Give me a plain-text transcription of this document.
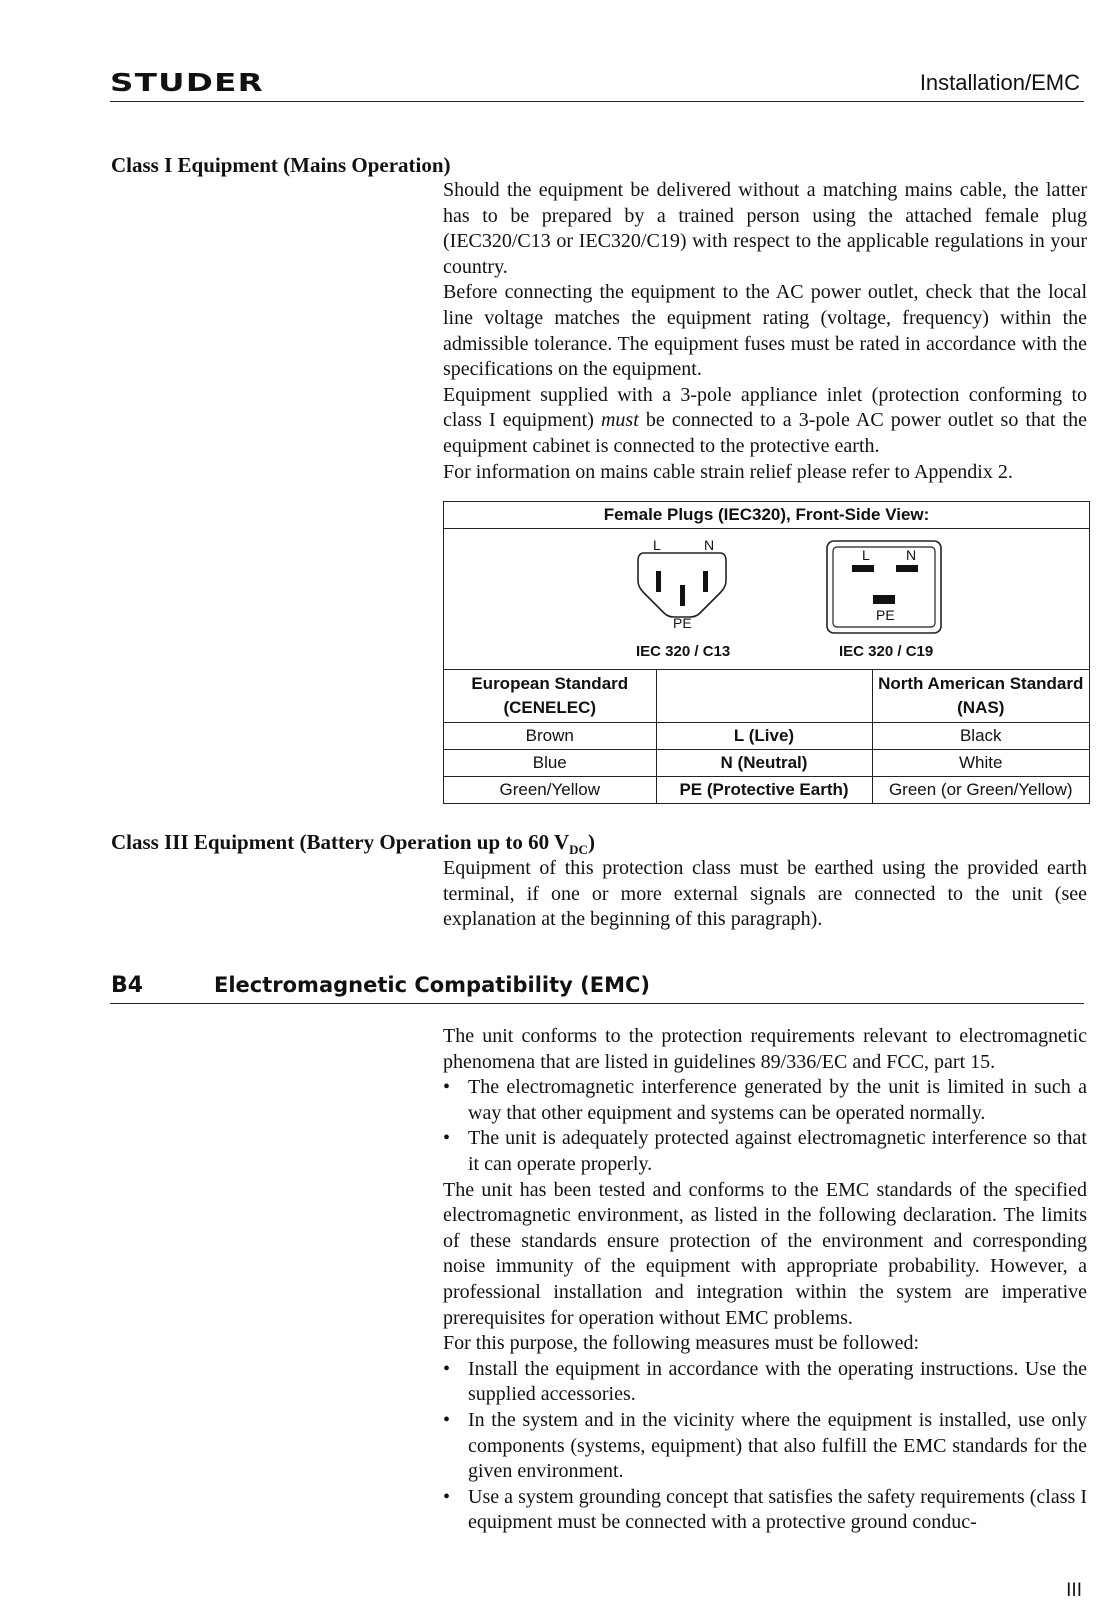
STUDER	Installation/EMC
Class I Equipment (Mains Operation)

Should the equipment be delivered without a matching mains cable, the latter has to be prepared by a trained person using the attached female plug (IEC320/C13 or IEC320/C19) with respect to the applicable regulations in your country.

Before connecting the equipment to the AC power outlet, check that the local line voltage matches the equipment rating (voltage, frequency) within the admissible tolerance. The equipment fuses must be rated in accordance with the specifications on the equipment.

Equipment supplied with a 3-pole appliance inlet (protection conforming to class I equipment) must be connected to a 3-pole AC power outlet so that the equipment cabinet is connected to the protective earth.

For information on mains cable strain relief please refer to Appendix 2.

Female Plugs (IEC320), Front-Side View:
L	N
PE
IEC 320 / C13
L	N
PE
IEC 320 / C19
European Standard
(CENELEC)		North American Standard
(NAS)
Brown	L (Live)	Black
Blue	N (Neutral)	White
Green/Yellow	PE (Protective Earth)	Green (or Green/Yellow)
Class III Equipment (Battery Operation up to 60 $V_{DC}$)

Equipment of this protection class must be earthed using the provided earth terminal, if one or more external signals are connected to the unit (see explanation at the beginning of this paragraph).

B4	Electromagnetic Compatibility (EMC)

The unit conforms to the protection requirements relevant to electromagnetic phenomena that are listed in guidelines 89/336/EC and FCC, part 15.

• The electromagnetic interference generated by the unit is limited in such a way that other equipment and systems can be operated normally.
• The unit is adequately protected against electromagnetic interference so that it can operate properly.

The unit has been tested and conforms to the EMC standards of the specified electromagnetic environment, as listed in the following declaration. The limits of these standards ensure protection of the environment and corresponding noise immunity of the equipment with appropriate probability. However, a professional installation and integration within the system are imperative prerequisites for operation without EMC problems.

For this purpose, the following measures must be followed:

• Install the equipment in accordance with the operating instructions. Use the supplied accessories.
• In the system and in the vicinity where the equipment is installed, use only components (systems, equipment) that also fulfill the EMC standards for the given environment.
• Use a system grounding concept that satisfies the safety requirements (class I equipment must be connected with a protective ground conduc-
III
